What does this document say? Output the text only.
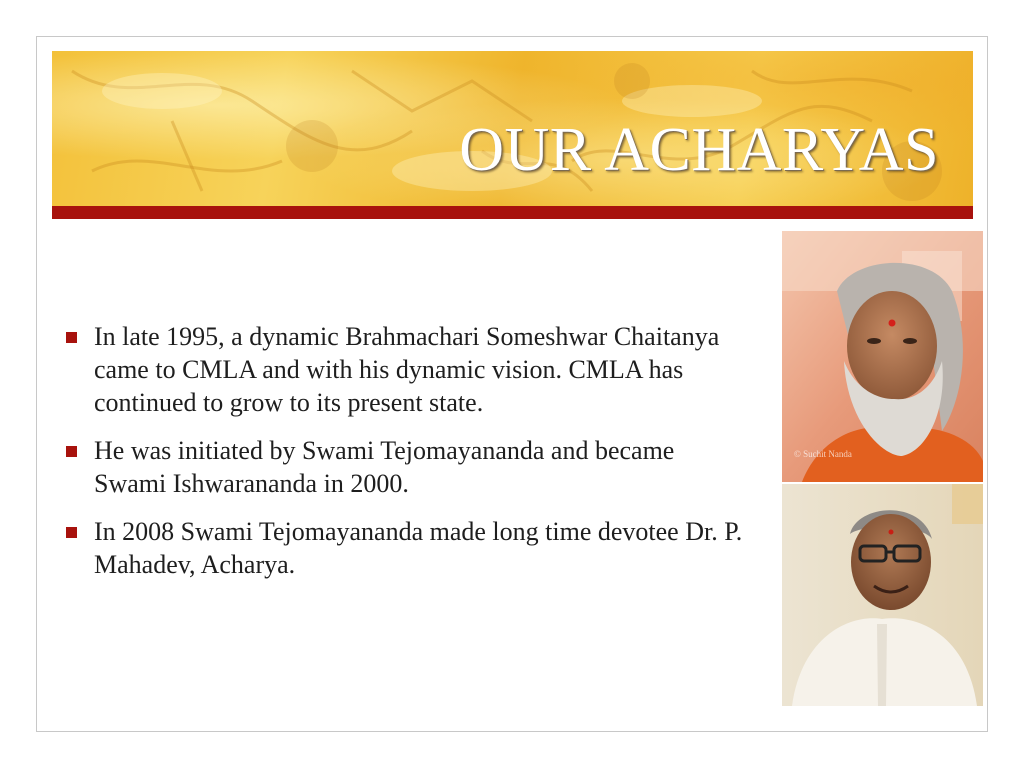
OUR ACHARYAS
In late 1995, a dynamic Brahmachari Someshwar Chaitanya came to CMLA and with his dynamic vision. CMLA has continued to grow to its present state.
He was initiated by Swami Tejomayananda and became Swami Ishwarananda in 2000.
In 2008 Swami Tejomayananda made long time devotee Dr. P. Mahadev, Acharya.
© Suchit Nanda
